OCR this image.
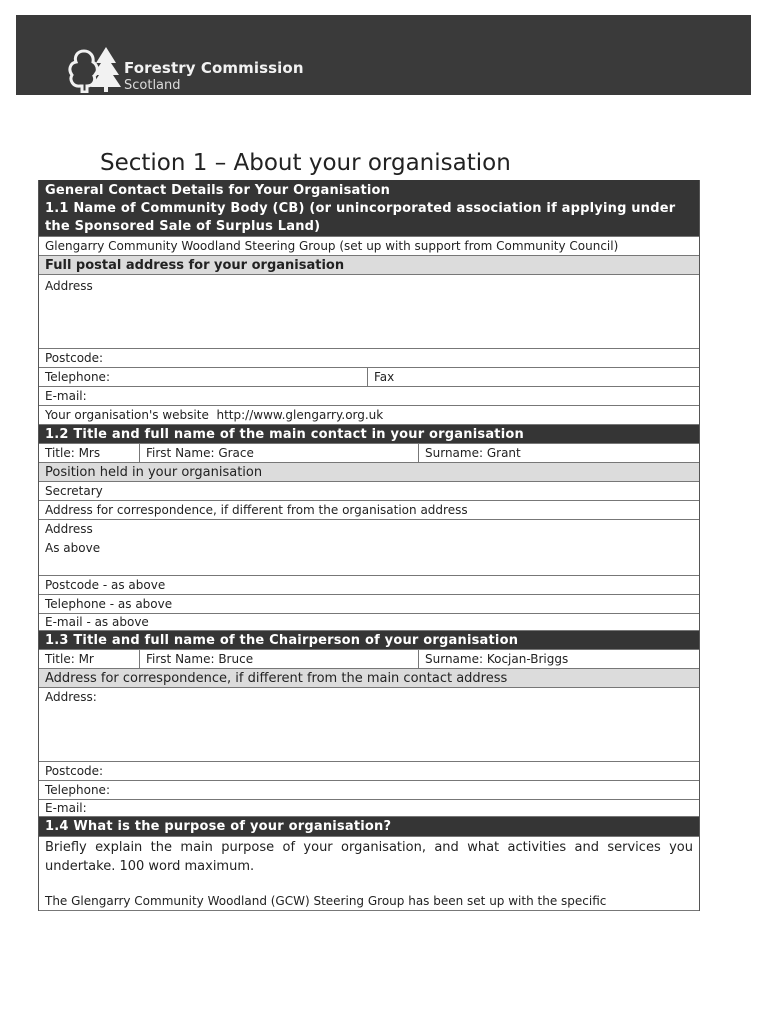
Forestry Commission
Scotland
Section 1 – About your organisation
General Contact Details for Your Organisation
1.1 Name of Community Body (CB) (or unincorporated association if applying under the Sponsored Sale of Surplus Land)
Glengarry Community Woodland Steering Group (set up with support from Community Council)
Full postal address for your organisation
Address
Postcode:
Telephone:	Fax
E-mail:
Your organisation's website http://www.glengarry.org.uk
1.2 Title and full name of the main contact in your organisation
Title: Mrs	First Name: Grace	Surname: Grant
Position held in your organisation
Secretary
Address for correspondence, if different from the organisation address
Address
As above
Postcode - as above
Telephone - as above
E-mail - as above
1.3 Title and full name of the Chairperson of your organisation
Title: Mr	First Name: Bruce	Surname: Kocjan-Briggs
Address for correspondence, if different from the main contact address
Address:
Postcode:
Telephone:
E-mail:
1.4 What is the purpose of your organisation?
Briefly explain the main purpose of your organisation, and what activities and services you undertake. 100 word maximum.
The Glengarry Community Woodland (GCW) Steering Group has been set up with the specific
